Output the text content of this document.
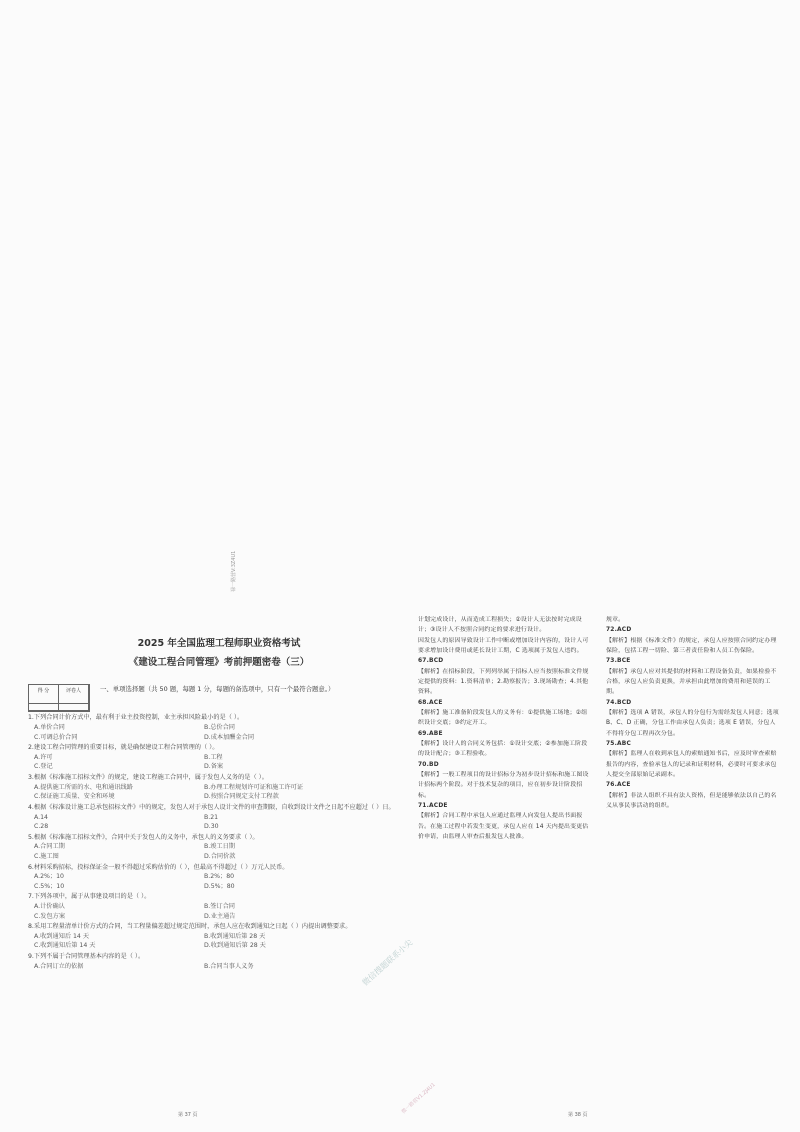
禄一路营V:3Z4U1
2025 年全国监理工程师职业资格考试
《建设工程合同管理》考前押题密卷（三）
得 分	评卷人	一、单项选择题（共 50 题，每题 1 分，每题的备选项中，只有一个最符合题意。）
1.下列合同计价方式中，最有利于业主投资控制，业主承担风险最小的是（ ）。
A.单价合同	B.总价合同
C.可调总价合同	D.成本加酬金合同
2.建设工程合同管理的重要目标，就是确保建设工程合同管理的（ ）。
A.许可	B.工程
C.登记	D.备案
3.根据《标准施工招标文件》的规定，建设工程施工合同中，属于发包人义务的是（ ）。
A.提供施工所需的水、电和通讯线路	B.办理工程规划许可证和施工许可证
C.保证施工质量、安全和环境	D.按照合同规定支付工程款
4.根据《标准设计施工总承包招标文件》中的规定，发包人对于承包人设计文件的审查期限，自收到设计文件之日起不应超过（ ）日。
A.14	B.21
C.28	D.30
5.根据《标准施工招标文件》，合同中关于发包人的义务中，承包人的义务要求（ ）。
A.合同工期	B.竣工日期
C.施工图	D.合同价款
6.材料采购招标，投标保证金一般不得超过采购估价的（ ），但最高不得超过（ ）万元人民币。
A.2%；10	B.2%；80
C.5%；10	D.5%；80
7.下列各项中，属于从事建设项目的是（ ）。
A.计价确认	B.签订合同
C.发包方案	D.业主通告
8.采用工程量清单计价方式的合同，当工程量偏差超过规定范围时，承包人应在收到通知之日起（ ）内提出调整要求。
A.收到通知后 14 天	B.收到通知后第 28 天
C.收到通知后第 14 天	D.收到通知后第 28 天
9.下列不属于合同管理基本内容的是（ ）。
A.合同订立的依据	B.合同当事人义务
第 37 页
计划完成设计，从而造成工程损失；②设计人无法按时完成设计；③设计人不按照合同约定的要求进行设计。
因发包人的原因导致设计工作中断或增加设计内容的，设计人可要求增加设计费用或延长设计工期，C 选项属于发包人违约。
67.BCD
【解析】在招标阶段，下列列举属于招标人应当按照标准文件规定提供的资料：1.资料清单；2.勘察报告；3.现场勘查；4.其他资料。
68.ACE
【解析】施工准备阶段发包人的义务有：①提供施工场地；②组织设计交底；③约定开工。
69.ABE
【解析】设计人的合同义务包括：①设计交底；②参加施工阶段的设计配合；③工程验收。
70.BD
【解析】一般工程项目的设计招标分为初步设计招标和施工图设计招标两个阶段。对于技术复杂的项目，应在初步设计阶段招标。
71.ACDE
【解析】合同工程中承包人应通过监理人向发包人提出书面报告。在施工过程中若发生变更，承包人应在 14 天内提出变更估价申请，由监理人审查后报发包人批准。
规章。
72.ACD
【解析】根据《标准文件》的规定，承包人应按照合同约定办理保险，包括工程一切险、第三者责任险和人员工伤保险。
73.BCE
【解析】承包人应对其提供的材料和工程设备负责，如果检验不合格，承包人应负责更换，并承担由此增加的费用和延误的工期。
74.BCD
【解析】选项 A 错误，承包人的分包行为需经发包人同意；选项 B、C、D 正确，分包工作由承包人负责；选项 E 错误，分包人不得将分包工程再次分包。
75.ABC
【解析】监理人在收到承包人的索赔通知书后，应及时审查索赔报告的内容，查验承包人的记录和证明材料，必要时可要求承包人提交全部原始记录副本。
76.ACE
【解析】非法人组织不具有法人资格，但是能够依法以自己的名义从事民事活动的组织。
第 38 页
微信搜题联系小尖
微一路营V1.ZJ4U1
